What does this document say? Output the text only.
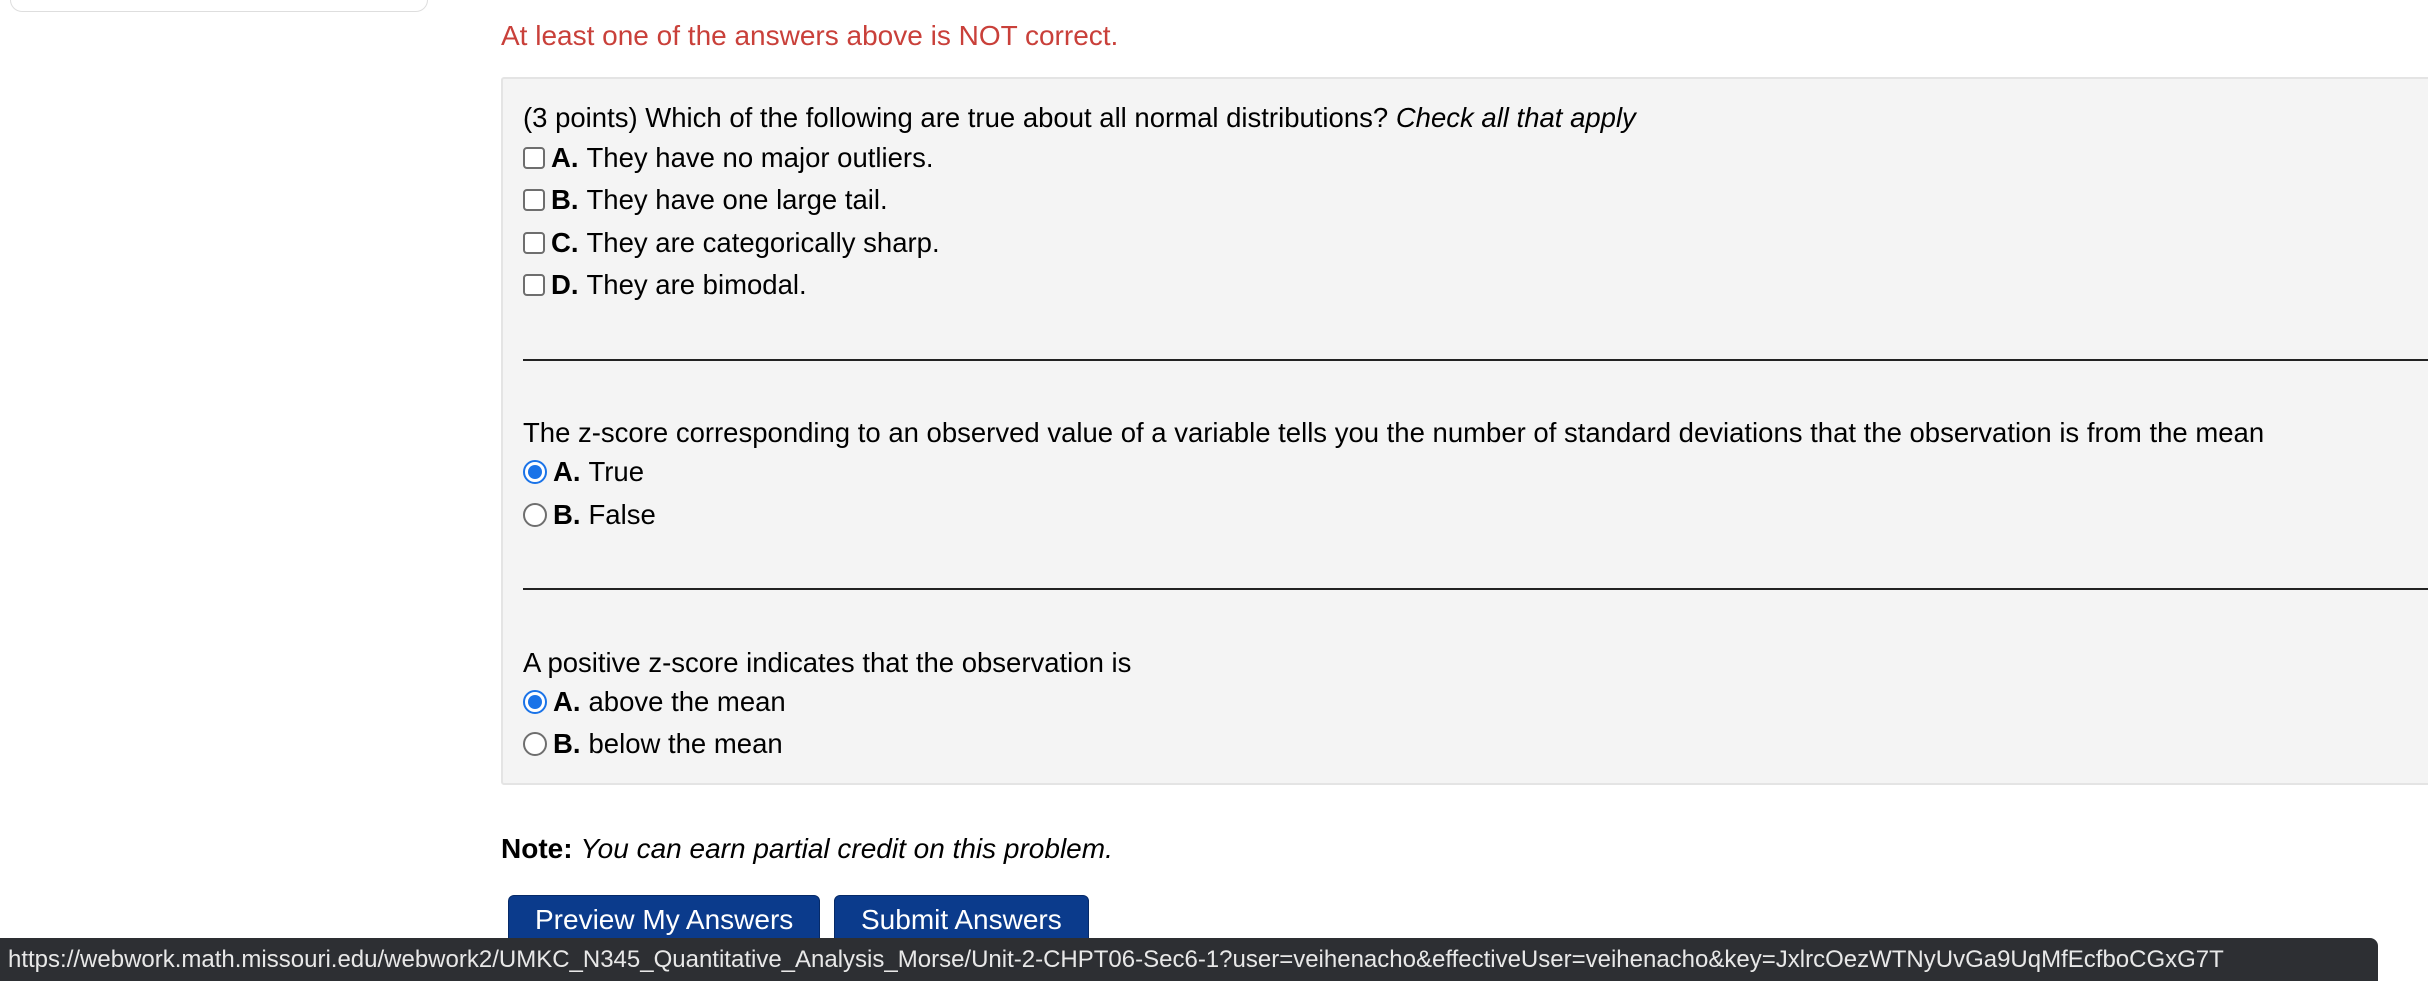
At least one of the answers above is NOT correct.
(3 points) Which of the following are true about all normal distributions? Check all that apply
A. They have no major outliers.
B. They have one large tail.
C. They are categorically sharp.
D. They are bimodal.
The z-score corresponding to an observed value of a variable tells you the number of standard deviations that the observation is from the mean
A. True
B. False
A positive z-score indicates that the observation is
A. above the mean
B. below the mean
Note: You can earn partial credit on this problem.
Preview My Answers	Submit Answers
https://webwork.math.missouri.edu/webwork2/UMKC_N345_Quantitative_Analysis_Morse/Unit-2-CHPT06-Sec6-1?user=veihenacho&effectiveUser=veihenacho&key=JxlrcOezWTNyUvGa9UqMfEcfboCGxG7T
